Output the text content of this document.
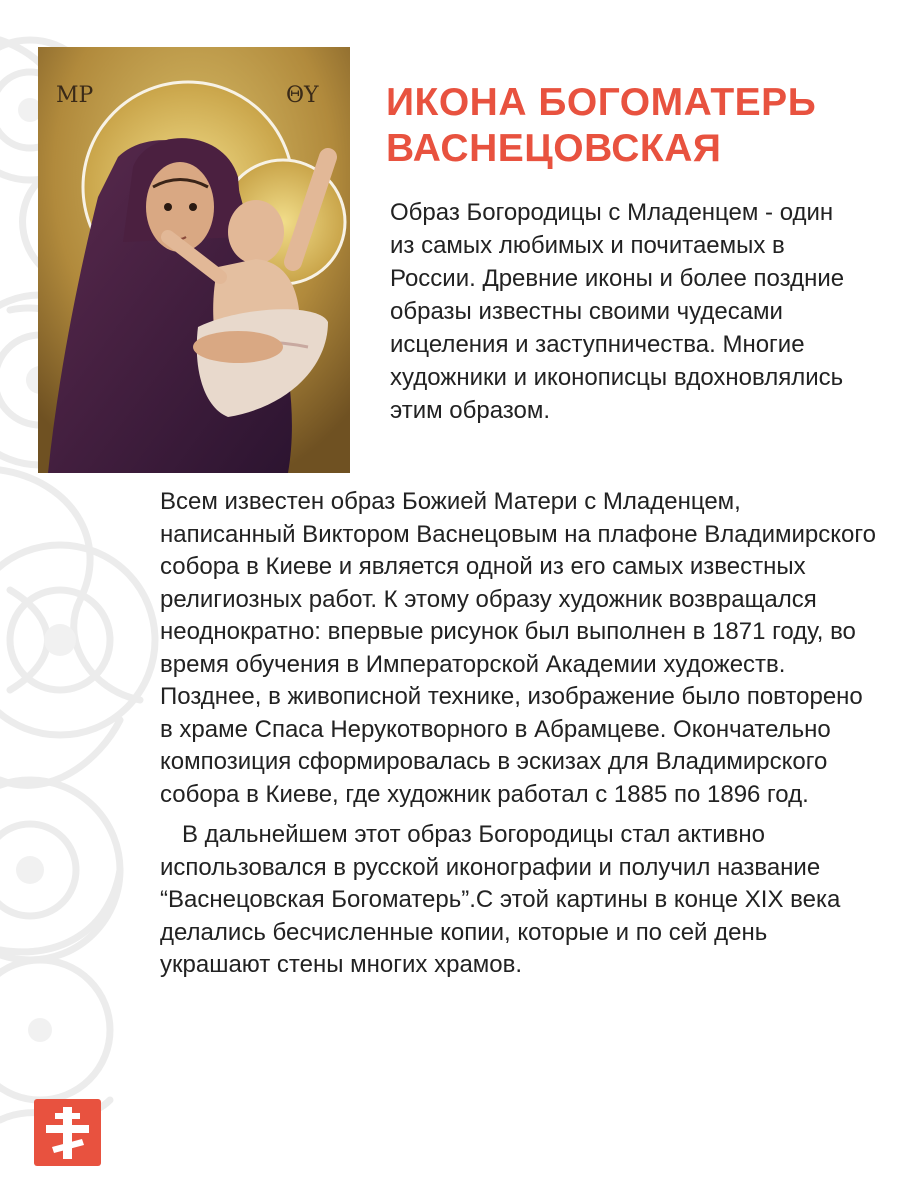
МР	ΘΥ ИКОНА БОГОМАТЕРЬ
ВАСНЕЦОВСКАЯ

Образ Богородицы с Младенцем - один из самых любимых и почитаемых в России. Древние иконы и более поздние образы известны своими чудесами исцеления и заступничества. Многие художники и иконописцы вдохновлялись этим образом.

Всем известен образ Божией Матери с Младенцем, написанный Виктором Васнецовым на плафоне Владимирского собора в Киеве и является одной из его самых известных религиозных работ. К этому образу художник возвращался неоднократно: впервые рисунок был выполнен в 1871 году, во время обучения в Императорской Академии художеств. Позднее, в живописной технике, изображение было повторено в храме Спаса Нерукотворного в Абрамцеве. Окончательно композиция сформировалась в эскизах для Владимирского собора в Киеве, где художник работал с 1885 по 1896 год.

В дальнейшем этот образ Богородицы стал активно использовался в русской иконографии и получил название “Васнецовская Богоматерь”.С этой картины в конце XIX века делались бесчисленные копии, которые и по сей день украшают стены многих храмов.
